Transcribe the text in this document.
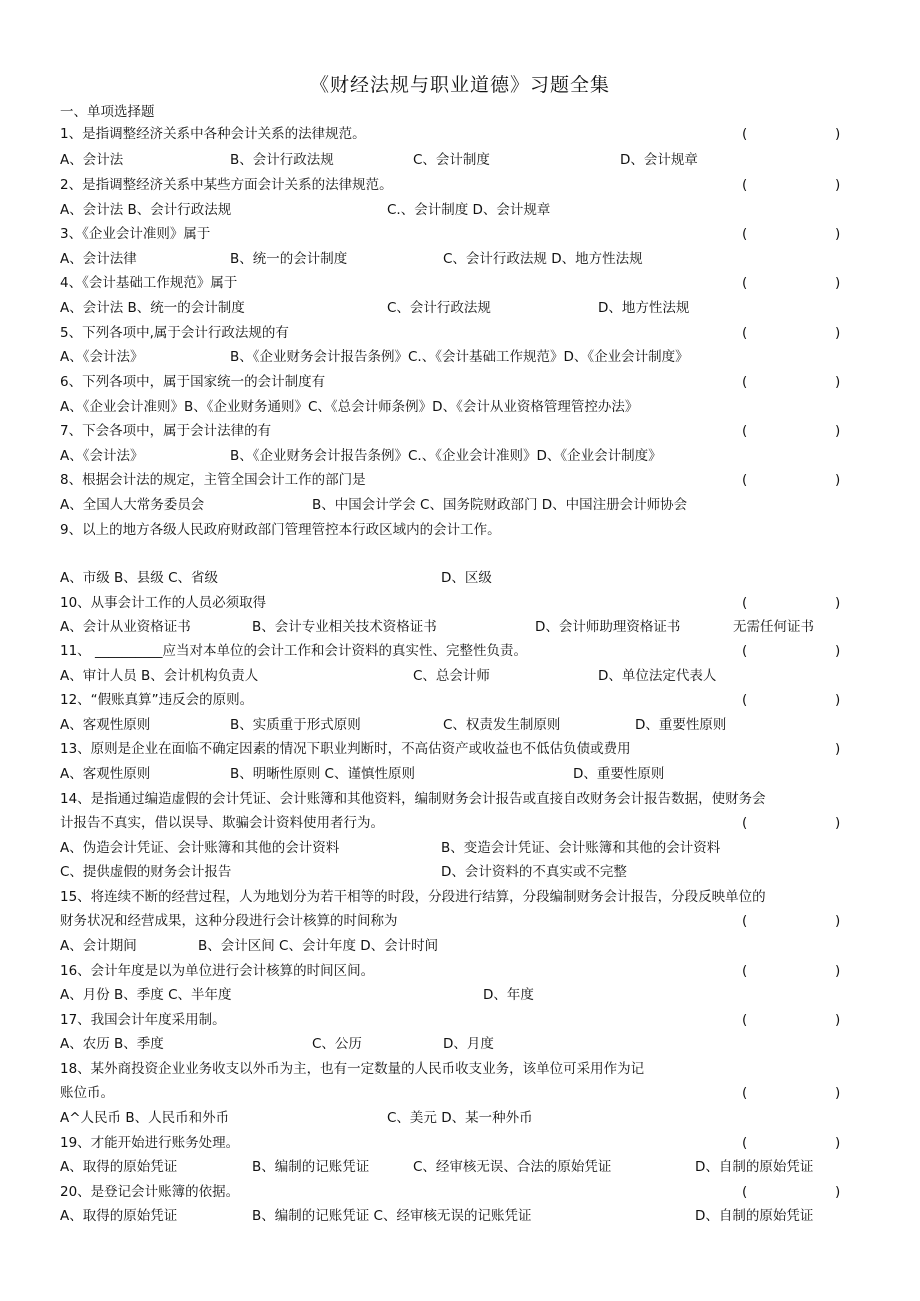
《财经法规与职业道德》习题全集
一、单项选择题
1、是指调整经济关系中各种会计关系的法律规范。	(	)
A、会计法	B、会计行政法规	C、会计制度	D、会计规章
2、是指调整经济关系中某些方面会计关系的法律规范。	(	)
A、会计法 B、会计行政法规	C.、会计制度 D、会计规章
3、《企业会计准则》属于	(	)
A、会计法律	B、统一的会计制度	C、会计行政法规 D、地方性法规
4、《会计基础工作规范》属于	(	)
A、会计法 B、统一的会计制度	C、会计行政法规	D、地方性法规
5、下列各项中,属于会计行政法规的有	(	)
A、《会计法》	B、《企业财务会计报告条例》C.、《会计基础工作规范》D、《企业会计制度》
6、下列各项中，属于国家统一的会计制度有	(	)
A、《企业会计准则》B、《企业财务通则》C、《总会计师条例》D、《会计从业资格管理管控办法》
7、下会各项中，属于会计法律的有	(	)
A、《会计法》	B、《企业财务会计报告条例》C.、《企业会计准则》D、《企业会计制度》
8、根据会计法的规定，主管全国会计工作的部门是	(	)
A、全国人大常务委员会	B、中国会计学会 C、国务院财政部门 D、中国注册会计师协会
9、以上的地方各级人民政府财政部门管理管控本行政区域内的会计工作。
A、市级 B、县级 C、省级	D、区级
10、从事会计工作的人员必须取得	(	)
A、会计从业资格证书	B、会计专业相关技术资格证书	D、会计师助理资格证书	无需任何证书
11、 __________应当对本单位的会计工作和会计资料的真实性、完整性负责。	(	)
A、审计人员 B、会计机构负责人	C、总会计师	D、单位法定代表人
12、“假账真算”违反会的原则。	(	)
A、客观性原则	B、实质重于形式原则	C、权责发生制原则	D、重要性原则
13、原则是企业在面临不确定因素的情况下职业判断时，不高估资产或收益也不低估负债或费用	)
A、客观性原则	B、明晰性原则 C、谨慎性原则	D、重要性原则
14、是指通过编造虚假的会计凭证、会计账簿和其他资料，编制财务会计报告或直接自改财务会计报告数据，使财务会
计报告不真实，借以误导、欺骗会计资料使用者行为。	(	)
A、伪造会计凭证、会计账簿和其他的会计资料	B、变造会计凭证、会计账簿和其他的会计资料
C、提供虚假的财务会计报告	D、会计资料的不真实或不完整
15、将连续不断的经营过程，人为地划分为若干相等的时段，分段进行结算，分段编制财务会计报告，分段反映单位的
财务状况和经营成果，这种分段进行会计核算的时间称为	(	)
A、会计期间	B、会计区间 C、会计年度 D、会计时间
16、会计年度是以为单位进行会计核算的时间区间。	(	)
A、月份 B、季度 C、半年度	D、年度
17、我国会计年度采用制。	(	)
A、农历 B、季度	C、公历	D、月度
18、某外商投资企业业务收支以外币为主，也有一定数量的人民币收支业务，该单位可采用作为记
账位币。	(	)
A^人民币 B、人民币和外币	C、美元 D、某一种外币
19、才能开始进行账务处理。	(	)
A、取得的原始凭证	B、编制的记账凭证	C、经审核无误、合法的原始凭证	D、自制的原始凭证
20、是登记会计账簿的依据。	(	)
A、取得的原始凭证	B、编制的记账凭证 C、经审核无误的记账凭证	D、自制的原始凭证
